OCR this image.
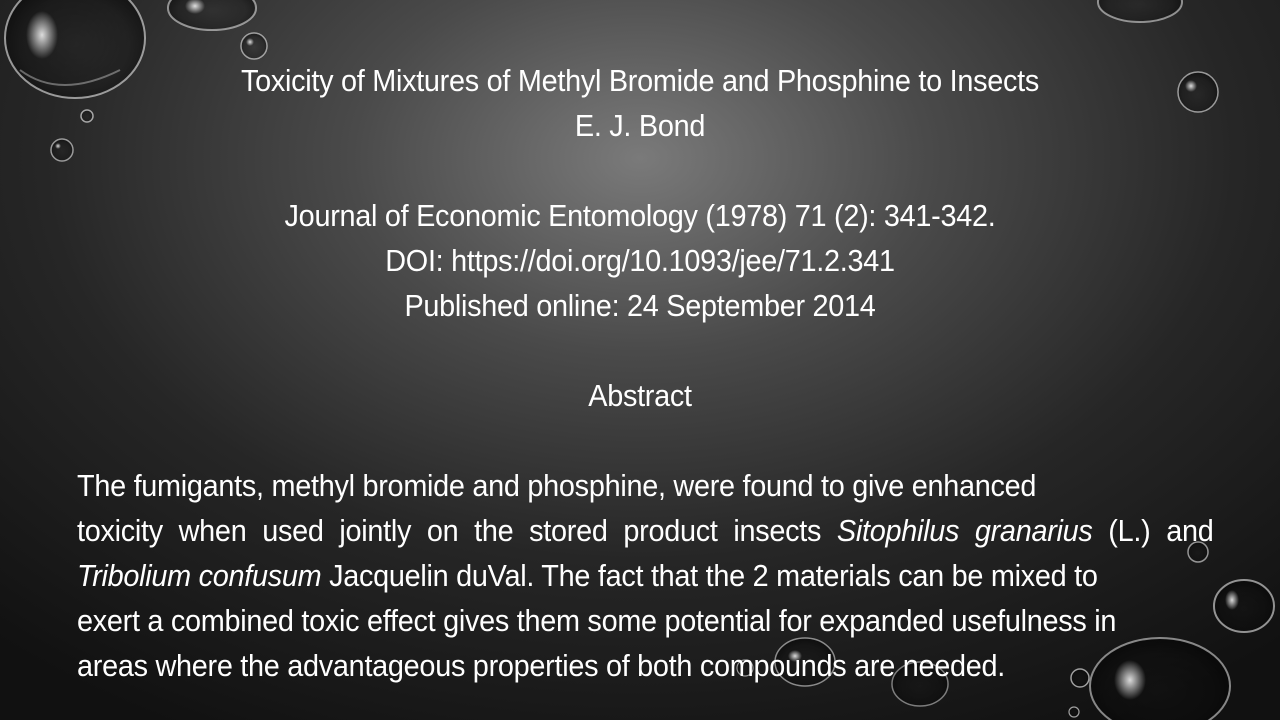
Toxicity of Mixtures of Methyl Bromide and Phosphine to Insects
E. J. Bond
Journal of Economic Entomology (1978) 71 (2): 341-342.
DOI: https://doi.org/10.1093/jee/71.2.341
Published online: 24 September 2014
Abstract
The fumigants, methyl bromide and phosphine, were found to give enhanced
toxicity when used jointly on the stored product insects Sitophilus granarius (L.) and
Tribolium confusum Jacquelin duVal. The fact that the 2 materials can be mixed to
exert a combined toxic effect gives them some potential for expanded usefulness in
areas where the advantageous properties of both compounds are needed.
